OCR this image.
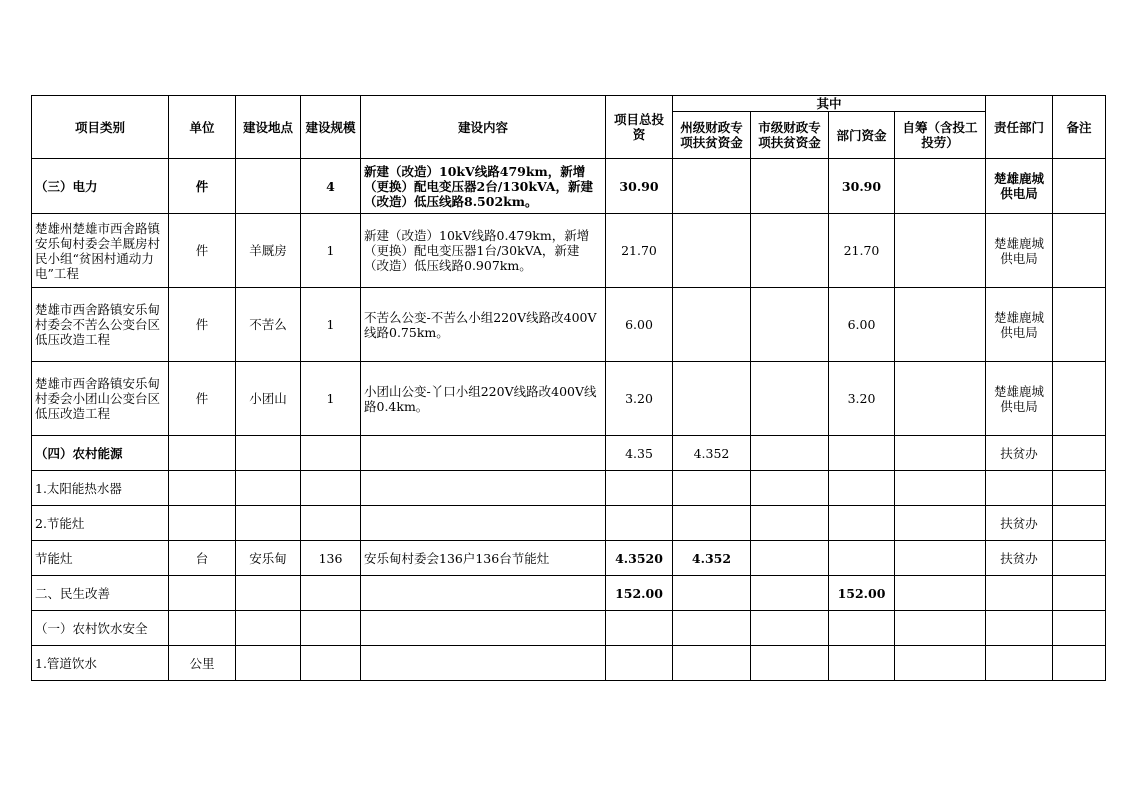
项目类别	单位	建设地点	建设规模	建设内容	项目总投资	其中				责任部门	备注
						州级财政专项扶贫资金	市级财政专项扶贫资金	部门资金	自筹（含投工投劳）		
（三）电力	件		4	新建（改造）10kV线路479km，新增（更换）配电变压器2台/130kVA，新建（改造）低压线路8.502km。	30.90			30.90		楚雄鹿城供电局	
楚雄州楚雄市西舍路镇安乐甸村委会羊厩房村民小组“贫困村通动力电”工程	件	羊厩房	1	新建（改造）10kV线路0.479km，新增（更换）配电变压器1台/30kVA，新建（改造）低压线路0.907km。	21.70			21.70		楚雄鹿城供电局	
楚雄市西舍路镇安乐甸村委会不苦么公变台区低压改造工程	件	不苦么	1	不苦么公变-不苦么小组220V线路改400V线路0.75km。	6.00			6.00		楚雄鹿城供电局	
楚雄市西舍路镇安乐甸村委会小团山公变台区低压改造工程	件	小团山	1	小团山公变-丫口小组220V线路改400V线路0.4km。	3.20			3.20		楚雄鹿城供电局	
（四）农村能源					4.35	4.352				扶贫办	
1.太阳能热水器											
2.节能灶										扶贫办	
节能灶	台	安乐甸	136	安乐甸村委会136户136台节能灶	4.3520	4.352				扶贫办	
二、民生改善					152.00			152.00			
（一）农村饮水安全											
1.管道饮水	公里										
